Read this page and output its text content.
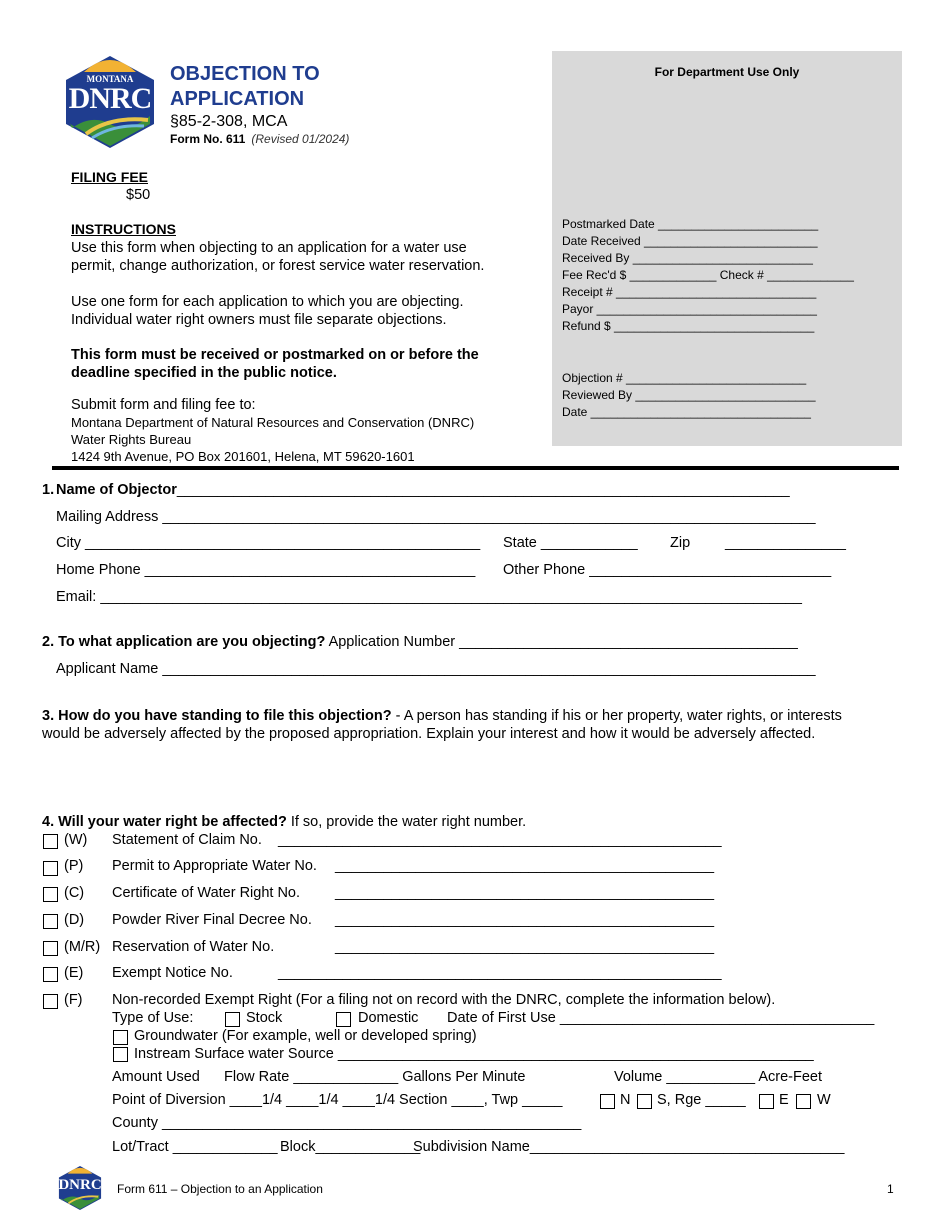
MONTANA
DNRC
OBJECTION TO
APPLICATION
§85-2-308, MCA
Form No. 611 (Revised 01/2024)
FILING FEE
$50
INSTRUCTIONS
Use this form when objecting to an application for a water use
permit, change authorization, or forest service water reservation.
Use one form for each application to which you are objecting.
Individual water right owners must file separate objections.
This form must be received or postmarked on or before the
deadline specified in the public notice.
Submit form and filing fee to:
Montana Department of Natural Resources and Conservation (DNRC)
Water Rights Bureau
1424 9th Avenue, PO Box 201601, Helena, MT 59620-1601
For Department Use Only
Postmarked Date ________________________
Date Received __________________________
Received By ___________________________
Fee Rec'd $ _____________ Check # _____________
Receipt # ______________________________
Payor _________________________________
Refund $ ______________________________
Objection # ___________________________
Reviewed By ___________________________
Date _________________________________
1. Name of Objector____________________________________________________________________________
Mailing Address _________________________________________________________________________________
City _________________________________________________ State ____________ Zip _______________
Home Phone _________________________________________ Other Phone ______________________________
Email: _______________________________________________________________________________________
2. To what application are you objecting? Application Number __________________________________________
Applicant Name _________________________________________________________________________________
3. How do you have standing to file this objection? - A person has standing if his or her property, water rights, or interests
would be adversely affected by the proposed appropriation. Explain your interest and how it would be adversely affected.
4. Will your water right be affected? If so, provide the water right number.
(W) Statement of Claim No. _______________________________________________________
(P) Permit to Appropriate Water No. _______________________________________________
(C) Certificate of Water Right No. _______________________________________________
(D) Powder River Final Decree No. _______________________________________________
(M/R) Reservation of Water No.	_______________________________________________
(E) Exempt Notice No.	_______________________________________________________
(F) Non-recorded Exempt Right (For a filing not on record with the DNRC, complete the information below).
Type of Use:	Stock	Domestic Date of First Use _______________________________________
Groundwater (For example, well or developed spring)
Instream Surface water Source ___________________________________________________________
Amount Used Flow Rate _____________ Gallons Per Minute	Volume ___________ Acre-Feet
Point of Diversion ____1/4 ____1/4 ____1/4 Section ____, Twp _____	N S, Rge _____ E W
County ____________________________________________________
Lot/Tract _____________ Block_____________
Subdivision Name_______________________________________
DNRC Form 611 – Objection to an Application	1
